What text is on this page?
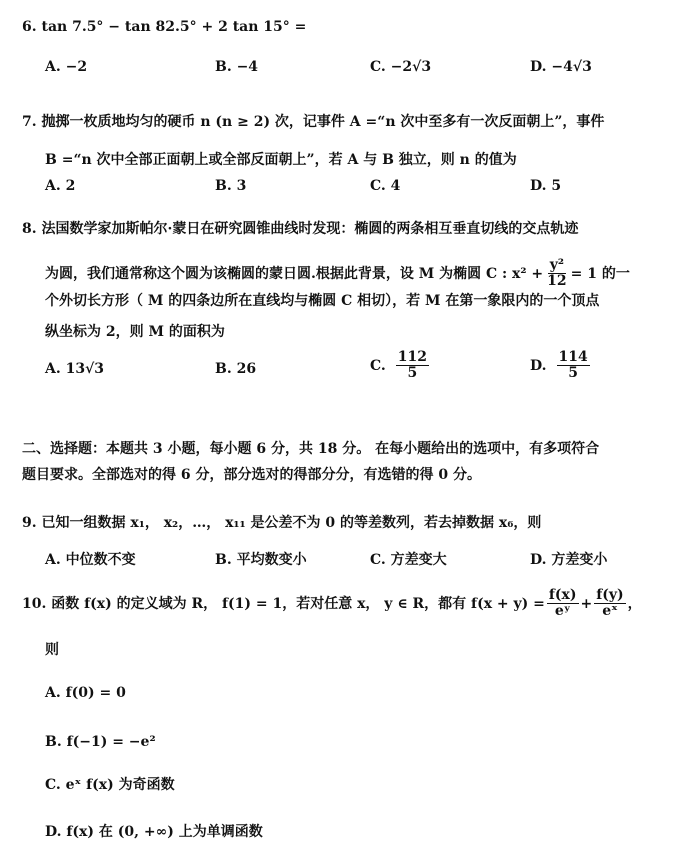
6. tan 7.5° − tan 82.5° + 2 tan 15° =
A. −2	B. −4	C. −2√3	D. −4√3
7. 抛掷一枚质地均匀的硬币 n (n ≥ 2) 次，记事件 A =“n 次中至多有一次反面朝上”，事件
B =“n 次中全部正面朝上或全部反面朝上”，若 A 与 B 独立，则 n 的值为
A. 2	B. 3	C. 4	D. 5
8. 法国数学家加斯帕尔·蒙日在研究圆锥曲线时发现：椭圆的两条相互垂直切线的交点轨迹
为圆，我们通常称这个圆为该椭圆的蒙日圆.根据此背景，设 M 为椭圆 C : $x^2 + \frac{\text{y²}}{12} = 1$ 的一
个外切长方形（ M 的四条边所在直线均与椭圆 C 相切），若 M 在第一象限内的一个顶点
纵坐标为 2，则 M 的面积为
A. 13√3	B. 26	C. $\frac{112}{5}$	D. $\frac{114}{5}$
二、选择题：本题共 3 小题，每小题 6 分，共 18 分。 在每小题给出的选项中，有多项符合
题目要求。全部选对的得 6 分，部分选对的得部分分，有选错的得 0 分。
9. 已知一组数据 x₁， x₂，…， x₁₁ 是公差不为 0 的等差数列，若去掉数据 x₆，则
A. 中位数不变	B. 平均数变小	C. 方差变大	D. 方差变小
10. 函数 f(x) 的定义域为 R， f(1) = 1，若对任意 x， y ∈ R，都有 $f(x + y) = \frac{f(x)}{\text{eʸ}} + \frac{f(y)}{\text{eˣ}}$ ，
则
A. f(0) = 0
B. f(−1) = −e²
C. eˣ f(x) 为奇函数
D. f(x) 在 (0, +∞) 上为单调函数
